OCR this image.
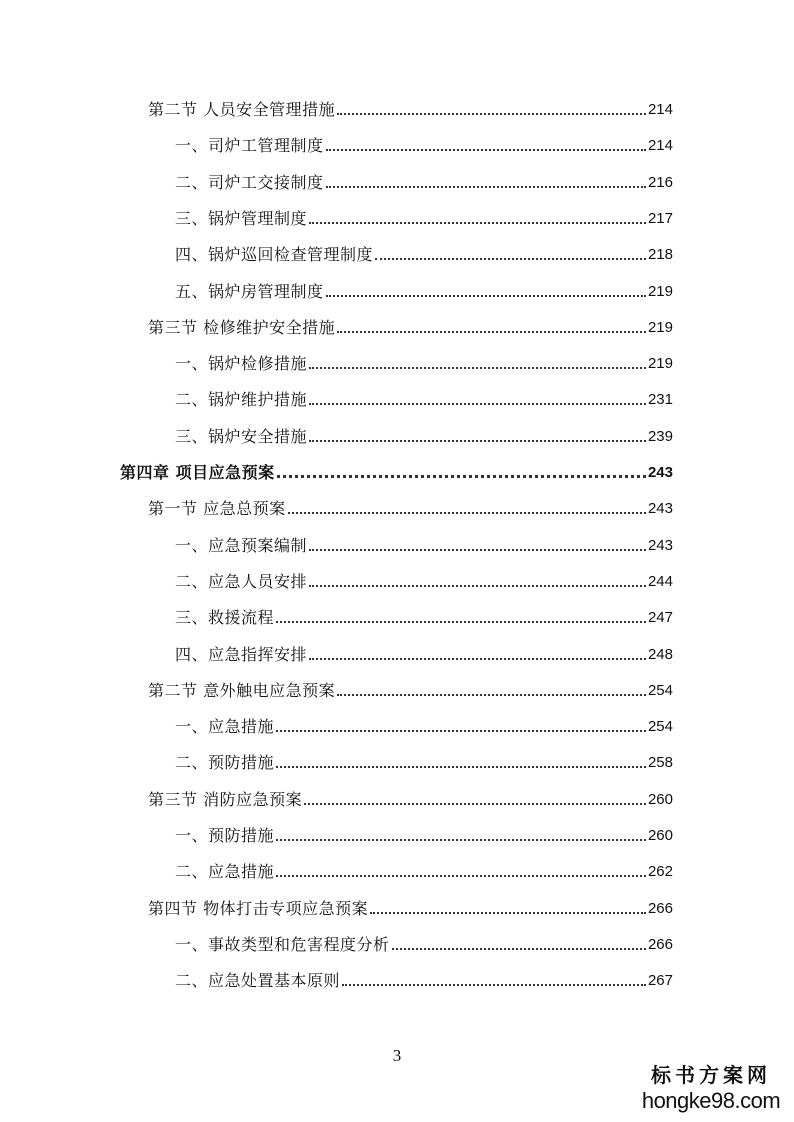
第二节 人员安全管理措施	214
一、司炉工管理制度	214
二、司炉工交接制度	216
三、锅炉管理制度	217
四、锅炉巡回检查管理制度	218
五、锅炉房管理制度	219
第三节 检修维护安全措施	219
一、锅炉检修措施	219
二、锅炉维护措施	231
三、锅炉安全措施	239
第四章 项目应急预案	243
第一节 应急总预案	243
一、应急预案编制	243
二、应急人员安排	244
三、救援流程	247
四、应急指挥安排	248
第二节 意外触电应急预案	254
一、应急措施	254
二、预防措施	258
第三节 消防应急预案	260
一、预防措施	260
二、应急措施	262
第四节 物体打击专项应急预案	266
一、事故类型和危害程度分析	266
二、应急处置基本原则	267
3
标书方案网
hongke98.com
